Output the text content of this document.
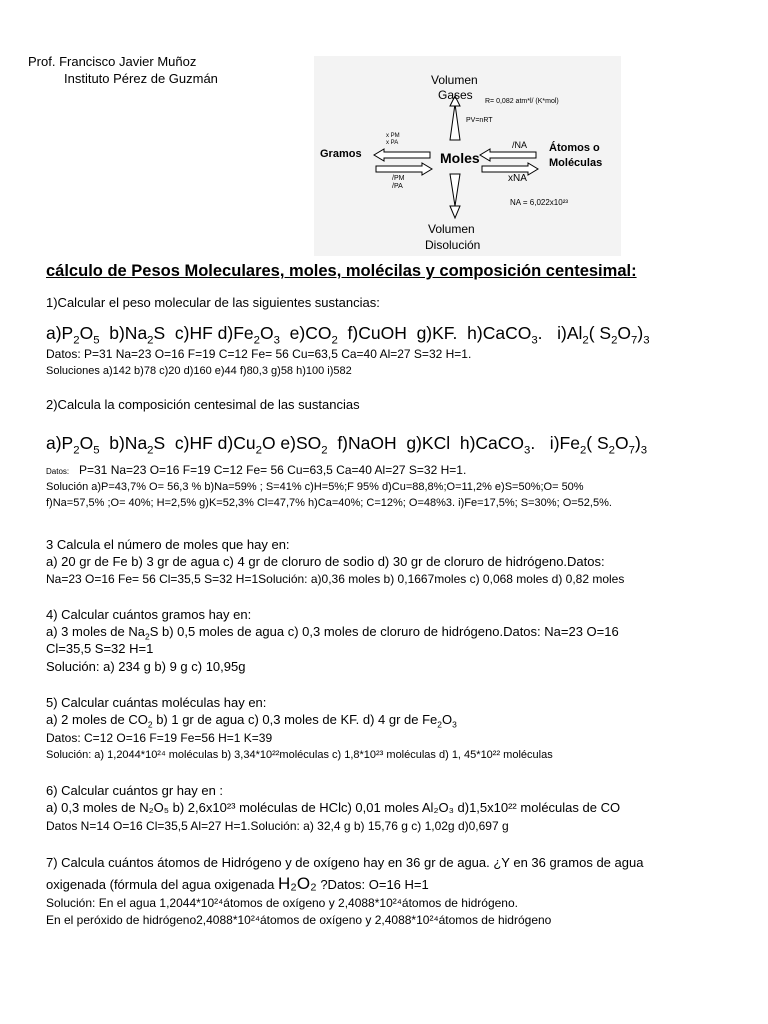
Prof. Francisco Javier Muñoz
Instituto Pérez de Guzmán	Volumen
Gases R= 0,082 atm*l/ (K*mol)
PV=nRT
Moles
Gramos
x PM
x PA
/PM
/PA
/NA Átomos o
Moléculas
xNA
NA = 6,022x10²³
Volumen
Disolución
cálculo de Pesos Moleculares, moles, molécilas y composición centesimal:
1)Calcular el peso molecular de las siguientes sustancias:
$a)P_2O_5$  $b)Na_2S$  c)HF $d)Fe_2O_3$  $e)CO_2$  f)CuOH  g)KF.  h)CaCO$_3$.   $i)Al_2$( $S_2O_7)_3$
Datos: P=31 Na=23 O=16 F=19 C=12 Fe= 56 Cu=63,5 Ca=40 Al=27 S=32 H=1.
Soluciones a)142 b)78 c)20 d)160 e)44 f)80,3 g)58 h)100 i)582
2)Calcula la composición centesimal de las sustancias
$a)P_2O_5$  $b)Na_2S$  c)HF $d)Cu_2O$ $e)SO_2$  f)NaOH  g)KCl  h)CaCO$_3$.   $i)Fe_2$( $S_2O_7)_3$
Datos: P=31 Na=23 O=16 F=19 C=12 Fe= 56 Cu=63,5 Ca=40 Al=27 S=32 H=1.
Solución a)P=43,7% O= 56,3 % b)Na=59% ; S=41% c)H=5%;F 95% d)Cu=88,8%;O=11,2% e)S=50%;O= 50%
f)Na=57,5% ;O= 40%; H=2,5% g)K=52,3% Cl=47,7% h)Ca=40%; C=12%; O=48%3. i)Fe=17,5%; S=30%; O=52,5%.
3 Calcula el número de moles que hay en:
a) 20 gr de Fe b) 3 gr de agua c) 4 gr de cloruro de sodio d) 30 gr de cloruro de hidrógeno.Datos:
Na=23 O=16 Fe= 56 Cl=35,5 S=32 H=1Solución: a)0,36 moles b) 0,1667moles c) 0,068 moles d) 0,82 moles
4) Calcular cuántos gramos hay en:
a) 3 moles de $Na_2S$ b) 0,5 moles de agua c) 0,3 moles de cloruro de hidrógeno.Datos: Na=23 O=16
Cl=35,5 S=32 H=1
Solución: a) 234 g b) 9 g c) 10,95g
5) Calcular cuántas moléculas hay en:
a) 2 moles de $CO_2$ b) 1 gr de agua c) 0,3 moles de KF. d) 4 gr de $Fe_2O_3$
Datos: C=12 O=16 F=19 Fe=56 H=1 K=39
Solución: a) 1,2044*10²⁴ moléculas b) 3,34*10²²moléculas c) 1,8*10²³ moléculas d) 1, 45*10²² moléculas
6) Calcular cuántos gr hay en :
a) 0,3 moles de N₂O₅ b) 2,6x10²³ moléculas de HClc) 0,01 moles Al₂O₃ d)1,5x10²² moléculas de CO
Datos N=14 O=16 Cl=35,5 Al=27 H=1.Solución: a) 32,4 g b) 15,76 g c) 1,02g d)0,697 g
7) Calcula cuántos átomos de Hidrógeno y de oxígeno hay en 36 gr de agua. ¿Y en 36 gramos de agua
oxigenada (fórmula del agua oxigenada H₂O₂ ?Datos: O=16 H=1
Solución: En el agua 1,2044*10²⁴átomos de oxígeno y 2,4088*10²⁴átomos de hidrógeno.
En el peróxido de hidrógeno2,4088*10²⁴átomos de oxígeno y 2,4088*10²⁴átomos de hidrógeno
